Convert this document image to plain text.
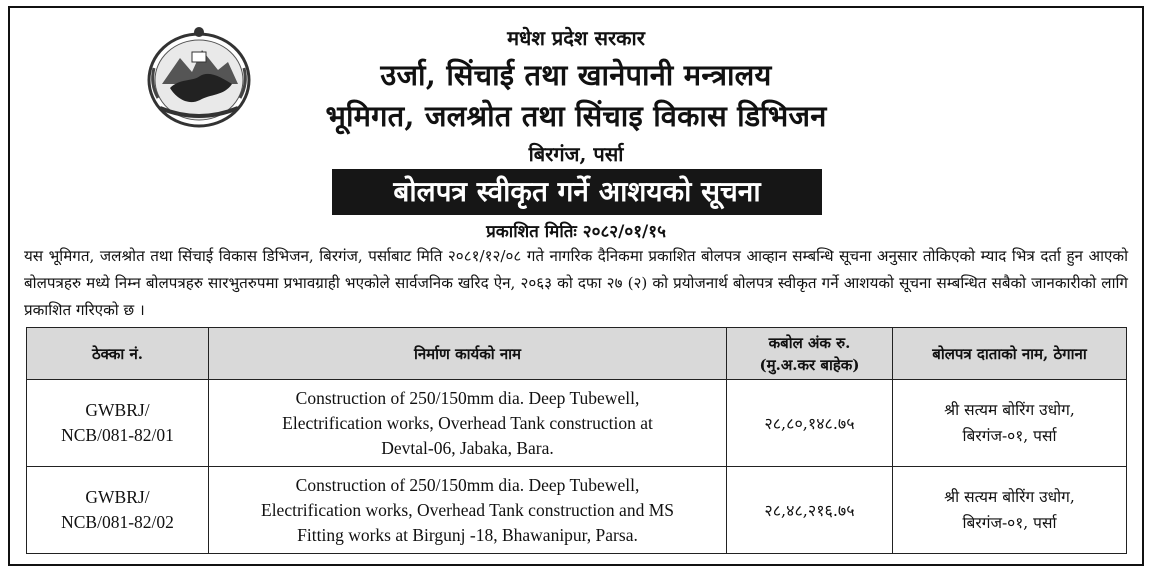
मधेश प्रदेश सरकार
उर्जा, सिंचाई तथा खानेपानी मन्त्रालय
भूमिगत, जलश्रोत तथा सिंचाइ विकास डिभिजन
बिरगंज, पर्सा
बोलपत्र स्वीकृत गर्ने आशयको सूचना
प्रकाशित मितिः २०८२/०१/१५

यस भूमिगत, जलश्रोत तथा सिंचाई विकास डिभिजन, बिरगंज, पर्साबाट मिति २०८१/१२/०८ गते नागरिक दैनिकमा प्रकाशित बोलपत्र आव्हान सम्बन्धि सूचना अनुसार तोकिएको म्याद भित्र दर्ता हुन आएको बोलपत्रहरु मध्ये निम्न बोलपत्रहरु सारभुतरुपमा प्रभावग्राही भएकोले सार्वजनिक खरिद ऐन, २०६३ को दफा २७ (२) को प्रयोजनार्थ बोलपत्र स्वीकृत गर्ने आशयको सूचना सम्बन्धित सबैको जानकारीको लागि प्रकाशित गरिएको छ ।

ठेक्का नं.	निर्माण कार्यको नाम	कबोल अंक रु.
(मु.अ.कर बाहेक)	बोलपत्र दाताको नाम, ठेगाना

GWBRJ/
NCB/081-82/01	Construction of 250/150mm dia. Deep Tubewell,
Electrification works, Overhead Tank construction at
Devtal-06, Jabaka, Bara.	२८,८०,१४८.७५	श्री सत्यम बोरिंग उधोग,
बिरगंज-०१, पर्सा

GWBRJ/
NCB/081-82/02	Construction of 250/150mm dia. Deep Tubewell,
Electrification works, Overhead Tank construction and MS
Fitting works at Birgunj -18, Bhawanipur, Parsa.	२८,४८,२१६.७५	श्री सत्यम बोरिंग उधोग,
बिरगंज-०१, पर्सा
